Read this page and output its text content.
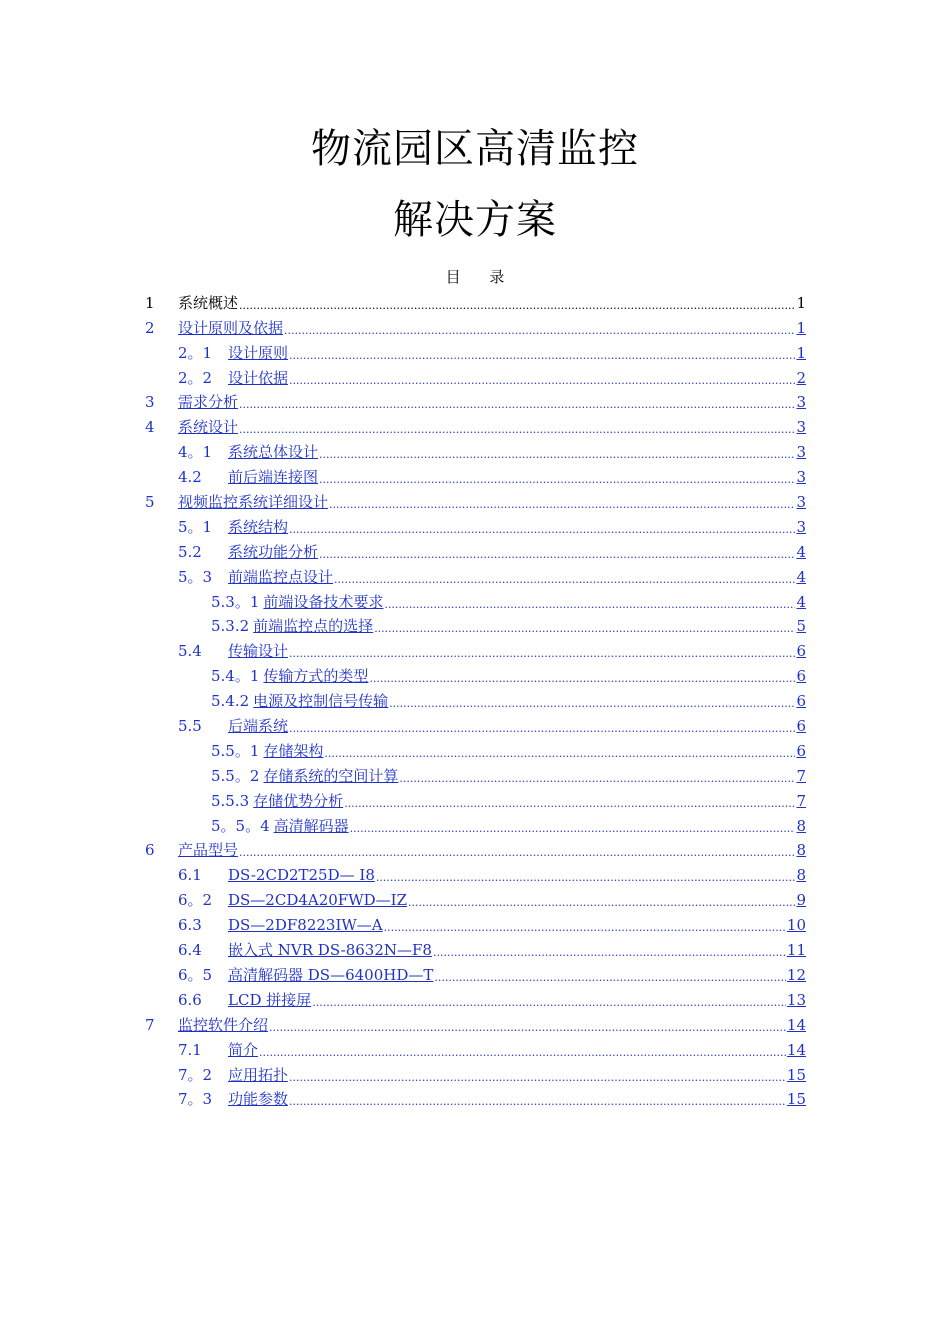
物流园区高清监控
解决方案
目 录
1	系统概述 .....	1
2	设计原则及依据 .....	1
2。1	设计原则 .....	1
2。2	设计依据 .....	2
3	需求分析 .....	3
4	系统设计 .....	3
4。1	系统总体设计 .....	3
4.2	前后端连接图 .....	3
5	视频监控系统详细设计 .....	3
5。1	系统结构 .....	3
5.2	系统功能分析 .....	4
5。3	前端监控点设计 .....	4
5.3。1 前端设备技术要求 .....	4
5.3.2 前端监控点的选择 .....	5
5.4	传输设计 .....	6
5.4。1 传输方式的类型 .....	6
5.4.2 电源及控制信号传输 .....	6
5.5	后端系统 .....	6
5.5。1 存储架构 .....	6
5.5。2 存储系统的空间计算 .....	7
5.5.3 存储优势分析 .....	7
5。5。4 高清解码器 .....	8
6	产品型号 .....	8
6.1	DS-2CD2T25D— I8 .....	8
6。2	DS—2CD4A20FWD—IZ .....	9
6.3	DS—2DF8223IW—A .....	10
6.4	嵌入式 NVR DS-8632N—F8 .....	11
6。5	高清解码器 DS—6400HD—T .....	12
6.6	LCD 拼接屏 .....	13
7	监控软件介绍 .....	14
7.1	简介 .....	14
7。2	应用拓扑 .....	15
7。3	功能参数 .....	15
